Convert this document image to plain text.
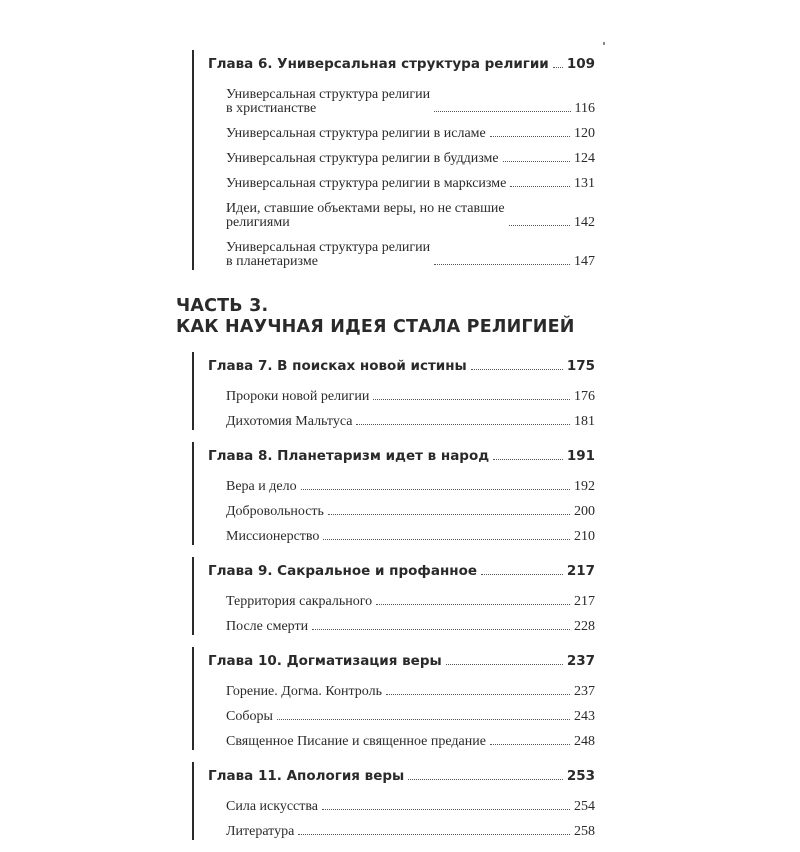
Глава 6. Универсальная структура религии 109
Универсальная структура религии
в христианстве	116
Универсальная структура религии в исламе	120
Универсальная структура религии в буддизме	124
Универсальная структура религии в марксизме	131
Идеи, ставшие объектами веры, но не ставшие
религиями	142
Универсальная структура религии
в планетаризме	147
ЧАСТЬ 3.
КАК НАУЧНАЯ ИДЕЯ СТАЛА РЕЛИГИЕЙ
Глава 7. В поисках новой истины	175
Пророки новой религии	176
Дихотомия Мальтуса	181
Глава 8. Планетаризм идет в народ	191
Вера и дело	192
Добровольность	200
Миссионерство	210
Глава 9. Сакральное и профанное	217
Территория сакрального	217
После смерти	228
Глава 10. Догматизация веры	237
Горение. Догма. Контроль	237
Соборы	243
Священное Писание и священное предание	248
Глава 11. Апология веры	253
Сила искусства	254
Литература	258
